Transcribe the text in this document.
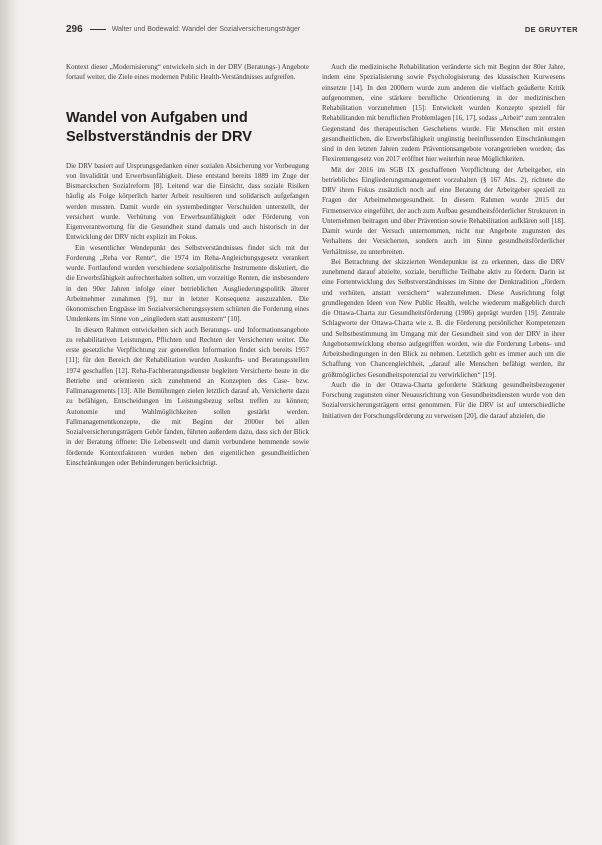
296	Walter und Bodewald: Wandel der Sozialversicherungsträger	DE GRUYTER

Kontext dieser „Modernisierung“ entwickeln sich in der DRV (Beratungs-) Angebote fortauf weiter, die Ziele eines modernen Public Health-Verständnisses aufgreifen.

Wandel von Aufgaben und Selbstverständnis der DRV

Die DRV basiert auf Ursprungsgedanken einer sozialen Absicherung vor Vorbeugung von Invalidität und Erwerbsunfähigkeit. Diese entstand bereits 1889 im Zuge der Bismarckschen Sozialreform [8]. Leitend war die Einsicht, dass soziale Risiken häufig als Folge körperlich harter Arbeit resultieren und solidarisch aufgefangen werden mussten. Damit wurde ein systembedingter Verschulden unterstellt, der versichert wurde. Verhütung von Erwerbsunfähigkeit oder Förderung von Eigenverantwortung für die Gesundheit stand damals und auch historisch in der Entwicklung der DRV nicht explizit im Fokus.

Ein wesentlicher Wendepunkt des Selbstverständnisses findet sich mit der Forderung „Reha vor Rente“, die 1974 im Reha-Angleichungsgesetz verankert wurde. Fortlaufend wurden verschiedene sozialpolitische Instrumente diskutiert, die die Erwerbsfähigkeit aufrechterhalten sollten, um vorzeitige Renten, die insbesondere in den 90er Jahren infolge einer betrieblichen Ausgliederungspolitik älterer Arbeitnehmer zunahmen [9], nur in letzter Konsequenz auszuzahlen. Die ökonomischen Engpässe im Sozialversicherungssystem schürten die Forderung eines Umdenkens im Sinne von „eingliedern statt ausmustern“ [10].

In diesem Rahmen entwickelten sich auch Beratungs- und Informationsangebote zu rehabilitativen Leistungen, Pflichten und Rechten der Versicherten weiter. Die erste gesetzliche Verpflichtung zur generellen Information findet sich bereits 1957 [11]; für den Bereich der Rehabilitation wurden Auskunfts- und Beratungsstellen 1974 geschaffen [12]. Reha-Fachberatungsdienste begleiten Versicherte heute in die Betriebe und orientieren sich zunehmend an Konzepten des Case- bzw. Fallmanagements [13]. Alle Bemühungen zielen letztlich darauf ab, Versicherte dazu zu befähigen, Entscheidungen im Leistungsbezug selbst treffen zu können; Autonomie und Wahlmöglichkeiten sollen gestärkt werden. Fallmanagementkonzepte, die mit Beginn der 2000er bei allen Sozialversicherungsträgern Gehör fanden, führten außerdem dazu, dass sich der Blick in der Beratung öffnete: Die Lebenswelt und damit verbundene hemmende sowie fördernde Kontextfaktoren wurden neben den eigentlichen gesundheitlichen Einschränkungen oder Behinderungen berücksichtigt.

Auch die medizinische Rehabilitation veränderte sich mit Beginn der 80er Jahre, indem eine Spezialisierung sowie Psychologisierung des klassischen Kurwesens einsetzte [14]. In den 2000ern wurde zum anderen die vielfach geäußerte Kritik aufgenommen, eine stärkere berufliche Orientierung in der medizinischen Rehabilitation vorzunehmen [15]: Entwickelt wurden Konzepte speziell für Rehabilitanden mit beruflichen Problemlagen [16, 17], sodass „Arbeit“ zum zentralen Gegenstand des therapeutischen Geschehens wurde. Für Menschen mit ersten gesundheitlichen, die Erwerbsfähigkeit ungünstig beeinflussenden Einschränkungen sind in den letzten Jahren zudem Präventionsangebote vorangetrieben worden; das Flexirentengesetz von 2017 eröffnet hier weiterhin neue Möglichkeiten.

Mit der 2016 im SGB IX geschaffenen Verpflichtung der Arbeitgeber, ein betriebliches Eingliederungsmanagement vorzuhalten (§ 167 Abs. 2), richtete die DRV ihren Fokus zusätzlich noch auf eine Beratung der Arbeitgeber speziell zu Fragen der Arbeitnehmergesundheit. In diesem Rahmen wurde 2015 der Firmenservice eingeführt, der auch zum Aufbau gesundheitsförderlicher Strukturen in Unternehmen beitragen und über Prävention sowie Rehabilitation aufklären soll [18]. Damit wurde der Versuch unternommen, nicht nur Angebote zugunsten des Verhaltens der Versicherten, sondern auch im Sinne gesundheitsförderlicher Verhältnisse, zu unterbreiten.

Bei Betrachtung der skizzierten Wendepunkte ist zu erkennen, dass die DRV zunehmend darauf abzielte, soziale, berufliche Teilhabe aktiv zu fördern. Darin ist eine Fortentwicklung des Selbstverständnisses im Sinne der Denktradition „fördern und verhüten, anstatt versichern“ wahrzunehmen. Diese Ausrichtung folgt grundlegenden Ideen von New Public Health, welche wiederum maßgeblich durch die Ottawa-Charta zur Gesundheitsförderung (1986) geprägt wurden [19]. Zentrale Schlagworte der Ottawa-Charta wie z. B. die Förderung persönlicher Kompetenzen und Selbstbestimmung im Umgang mit der Gesundheit sind von der DRV in ihrer Angebotsentwicklung ebenso aufgegriffen worden, wie die Forderung Lebens- und Arbeitsbedingungen in den Blick zu nehmen. Letztlich geht es immer auch um die Schaffung von Chancengleichheit, „darauf alle Menschen befähigt werden, ihr größtmögliches Gesundheitspotenzial zu verwirklichen“ [19].

Auch die in der Ottawa-Charta geforderte Stärkung gesundheitsbezogener Forschung zugunsten einer Neuausrichtung von Gesundheitsdiensten wurde von den Sozialversicherungsträgern ernst genommen. Für die DRV ist auf unterschiedliche Initiativen der Forschungsförderung zu verweisen [20], die darauf abzielen, die
